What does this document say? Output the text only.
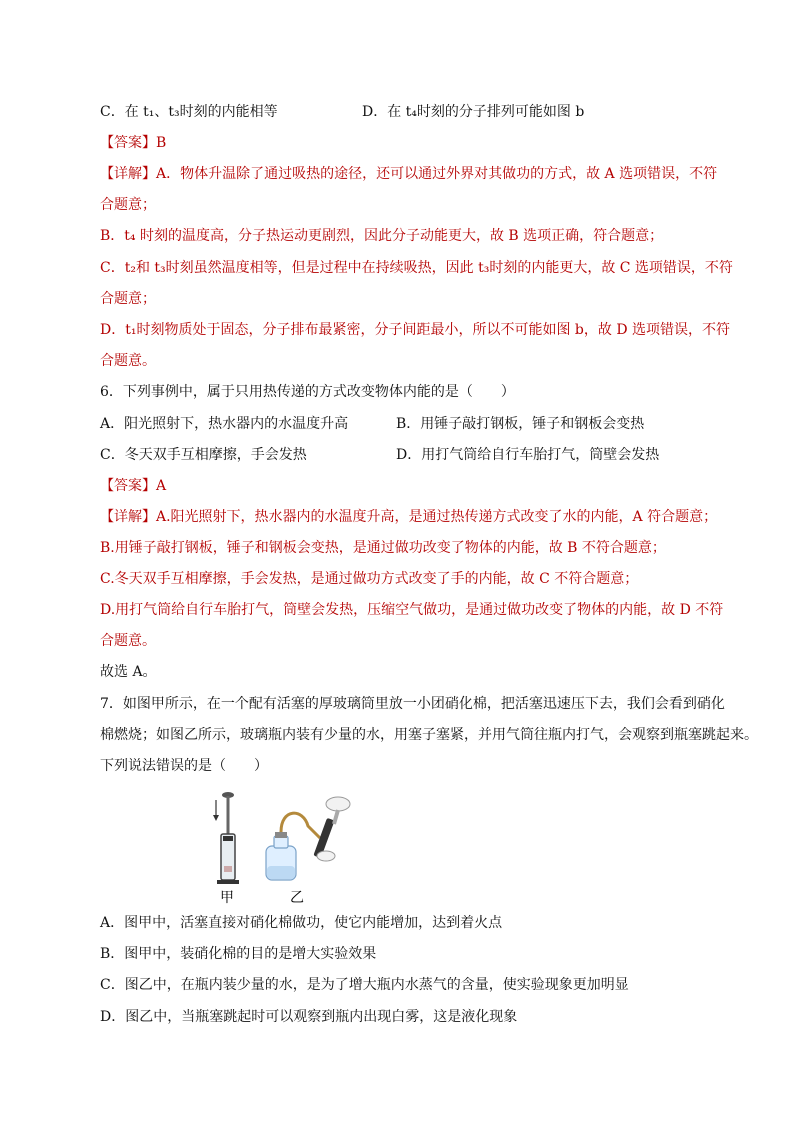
C．在 t₁、t₃时刻的内能相等	D．在 t₄时刻的分子排列可能如图 b
【答案】B
【详解】A．物体升温除了通过吸热的途径，还可以通过外界对其做功的方式，故 A 选项错误，不符
合题意；
B．t₄ 时刻的温度高，分子热运动更剧烈，因此分子动能更大，故 B 选项正确，符合题意；
C．t₂和 t₃时刻虽然温度相等，但是过程中在持续吸热，因此 t₃时刻的内能更大，故 C 选项错误，不符
合题意；
D．t₁时刻物质处于固态，分子排布最紧密，分子间距最小，所以不可能如图 b，故 D 选项错误，不符
合题意。
6．下列事例中，属于只用热传递的方式改变物体内能的是（　　）
A．阳光照射下，热水器内的水温度升高	B．用锤子敲打钢板，锤子和钢板会变热
C．冬天双手互相摩擦，手会发热	D．用打气筒给自行车胎打气，筒壁会发热
【答案】A
【详解】A.阳光照射下，热水器内的水温度升高，是通过热传递方式改变了水的内能，A 符合题意；
B.用锤子敲打钢板，锤子和钢板会变热，是通过做功改变了物体的内能，故 B 不符合题意；
C.冬天双手互相摩擦，手会发热，是通过做功方式改变了手的内能，故 C 不符合题意；
D.用打气筒给自行车胎打气，筒壁会发热，压缩空气做功，是通过做功改变了物体的内能，故 D 不符
合题意。
故选 A。
7．如图甲所示，在一个配有活塞的厚玻璃筒里放一小团硝化棉，把活塞迅速压下去，我们会看到硝化
棉燃烧；如图乙所示，玻璃瓶内装有少量的水，用塞子塞紧，并用气筒往瓶内打气，会观察到瓶塞跳起来。
下列说法错误的是（　　）
甲	乙
A．图甲中，活塞直接对硝化棉做功，使它内能增加，达到着火点
B．图甲中，装硝化棉的目的是增大实验效果
C．图乙中，在瓶内装少量的水，是为了增大瓶内水蒸气的含量，使实验现象更加明显
D．图乙中，当瓶塞跳起时可以观察到瓶内出现白雾，这是液化现象
